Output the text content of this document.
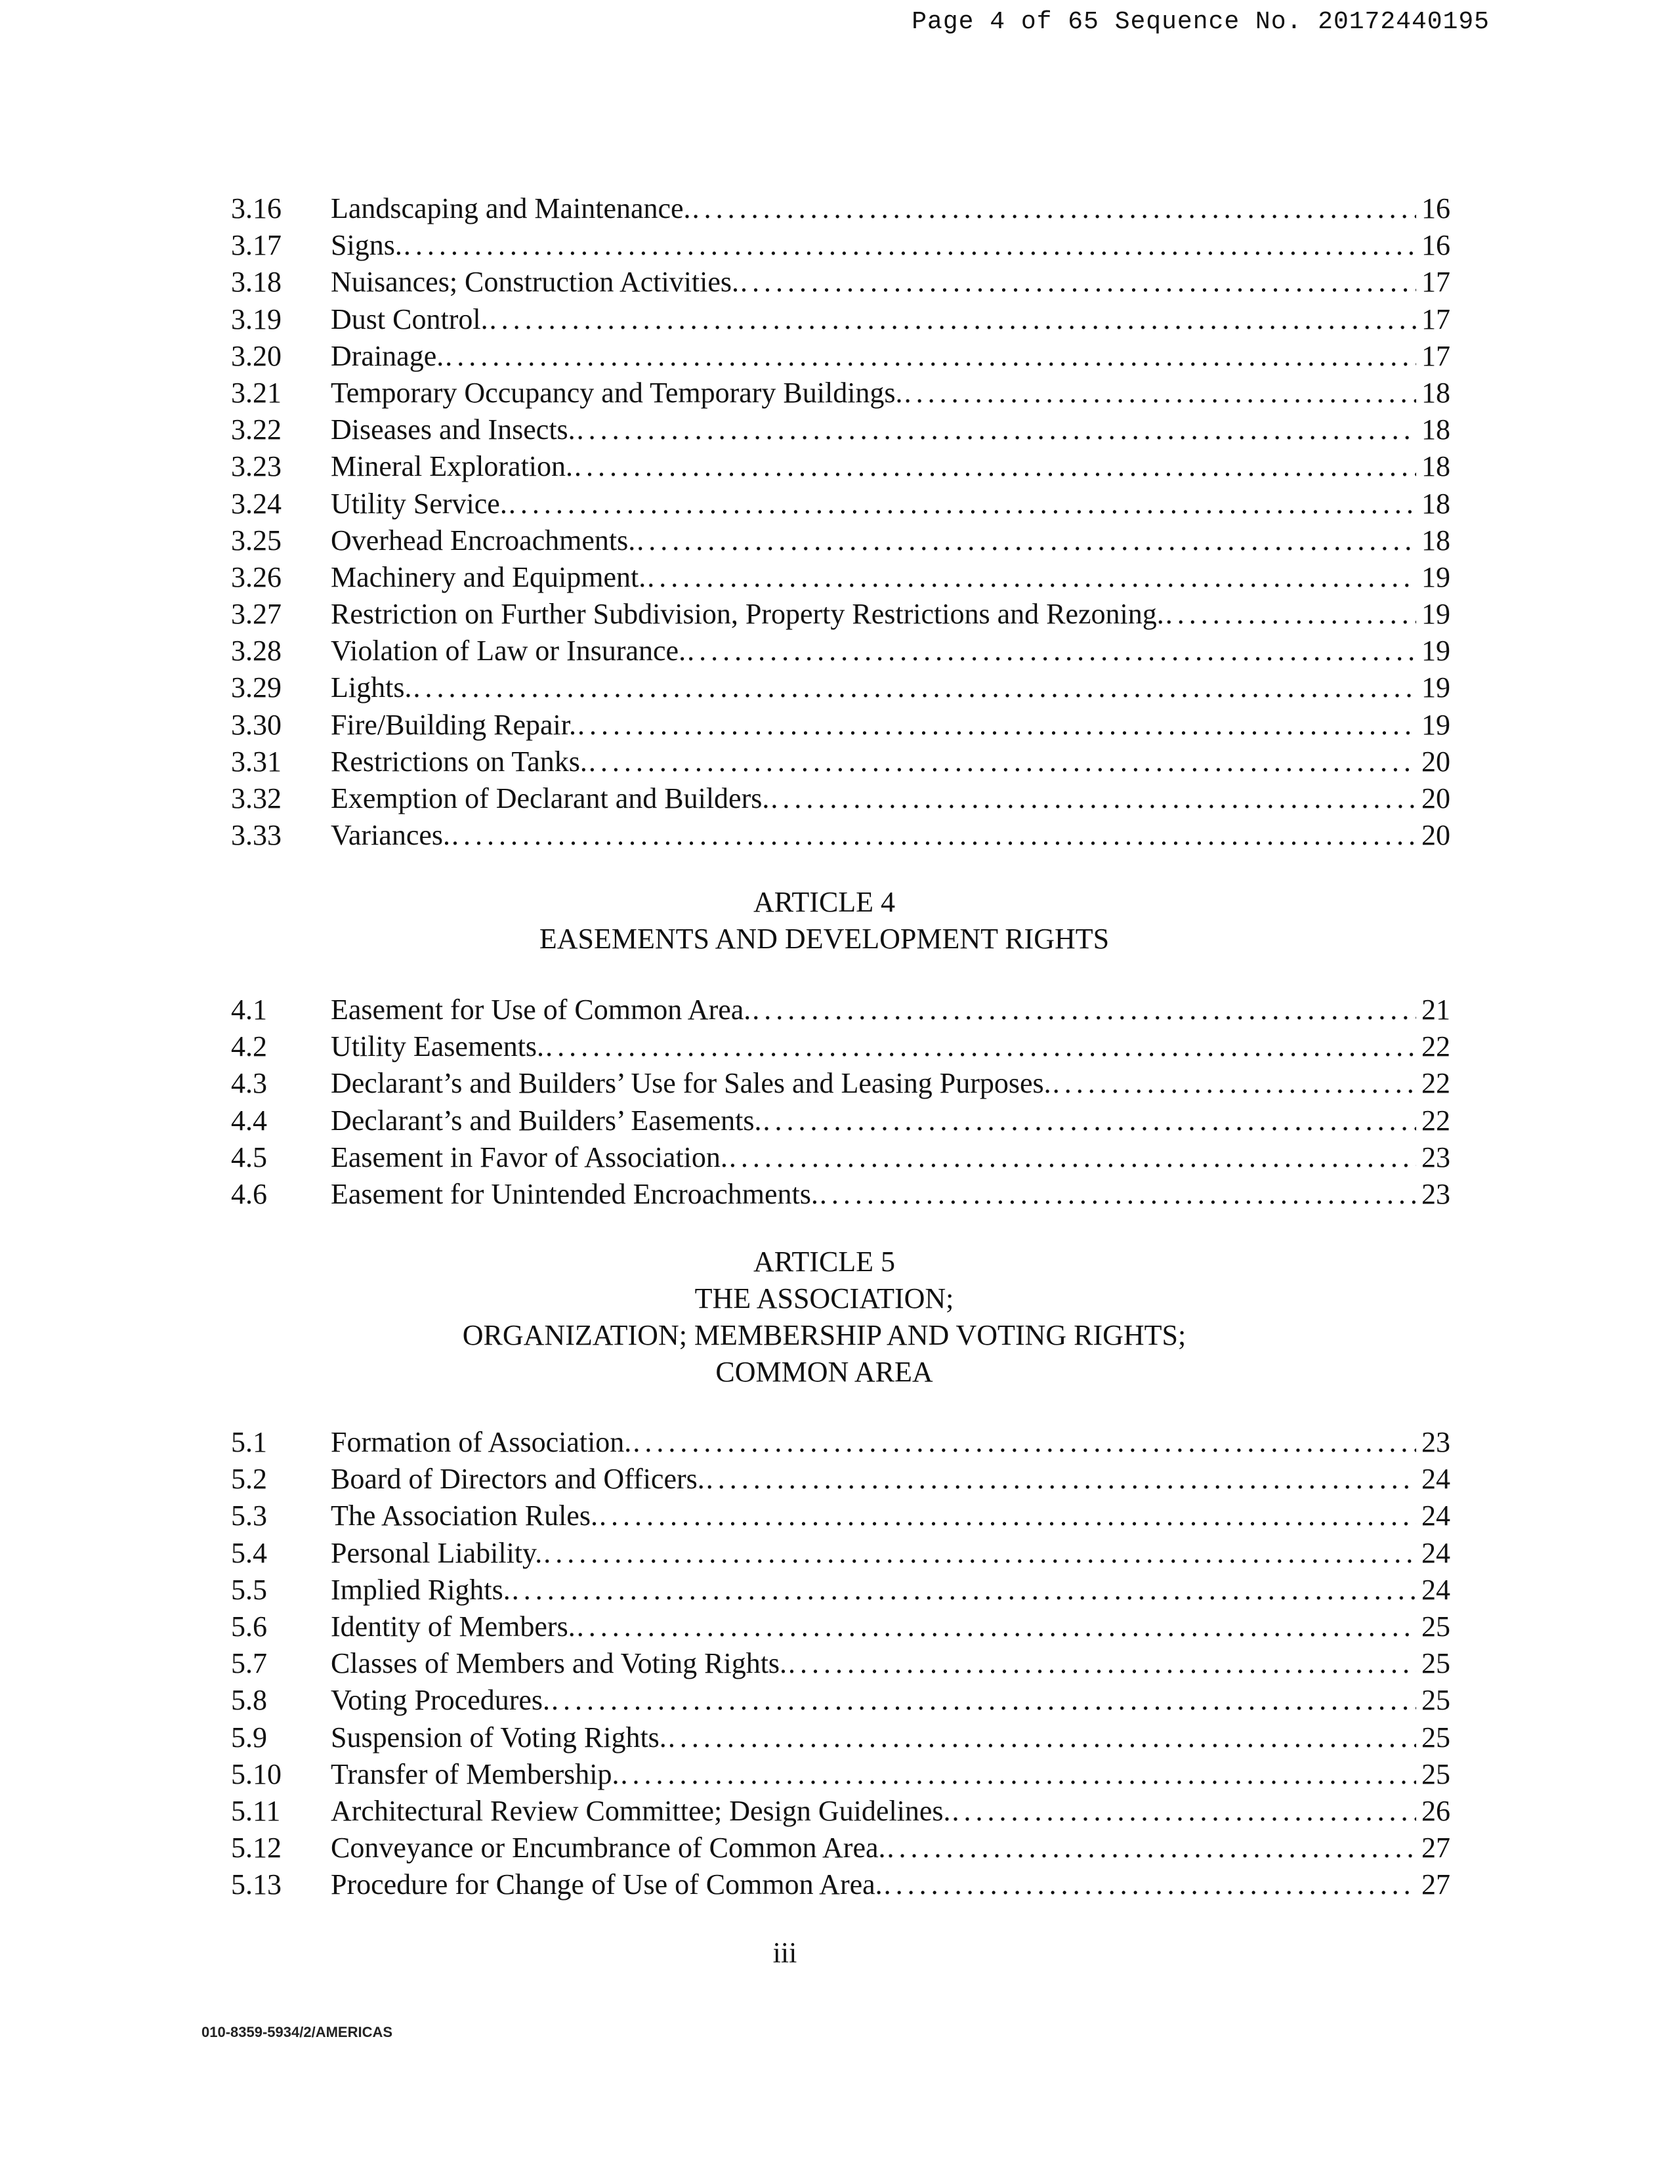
Page 4 of 65 Sequence No. 20172440195
3.16	Landscaping and Maintenance. . . .	16
3.17	Signs. . . .	16
3.18	Nuisances; Construction Activities. . . .	17
3.19	Dust Control. . . .	17
3.20	Drainage. . . .	17
3.21	Temporary Occupancy and Temporary Buildings. . . .	18
3.22	Diseases and Insects. . . .	18
3.23	Mineral Exploration. . . .	18
3.24	Utility Service. . . .	18
3.25	Overhead Encroachments. . . .	18
3.26	Machinery and Equipment. . . .	19
3.27	Restriction on Further Subdivision, Property Restrictions and Rezoning. . . .	19
3.28	Violation of Law or Insurance. . . .	19
3.29	Lights. . . .	19
3.30	Fire/Building Repair. . . .	19
3.31	Restrictions on Tanks. . . .	20
3.32	Exemption of Declarant and Builders. . . .	20
3.33	Variances. . . .	20
ARTICLE 4
EASEMENTS AND DEVELOPMENT RIGHTS
4.1	Easement for Use of Common Area. . . .	21
4.2	Utility Easements. . . .	22
4.3	Declarant’s and Builders’ Use for Sales and Leasing Purposes. . . .	22
4.4	Declarant’s and Builders’ Easements. . . .	22
4.5	Easement in Favor of Association. . . .	23
4.6	Easement for Unintended Encroachments. . . .	23
ARTICLE 5
THE ASSOCIATION;
ORGANIZATION; MEMBERSHIP AND VOTING RIGHTS;
COMMON AREA
5.1	Formation of Association. . . .	23
5.2	Board of Directors and Officers. . . .	24
5.3	The Association Rules. . . .	24
5.4	Personal Liability. . . .	24
5.5	Implied Rights. . . .	24
5.6	Identity of Members. . . .	25
5.7	Classes of Members and Voting Rights. . . .	25
5.8	Voting Procedures. . . .	25
5.9	Suspension of Voting Rights. . . .	25
5.10	Transfer of Membership. . . .	25
5.11	Architectural Review Committee; Design Guidelines. . . .	26
5.12	Conveyance or Encumbrance of Common Area. . . .	27
5.13	Procedure for Change of Use of Common Area. . . .	27
iii
010-8359-5934/2/AMERICAS
